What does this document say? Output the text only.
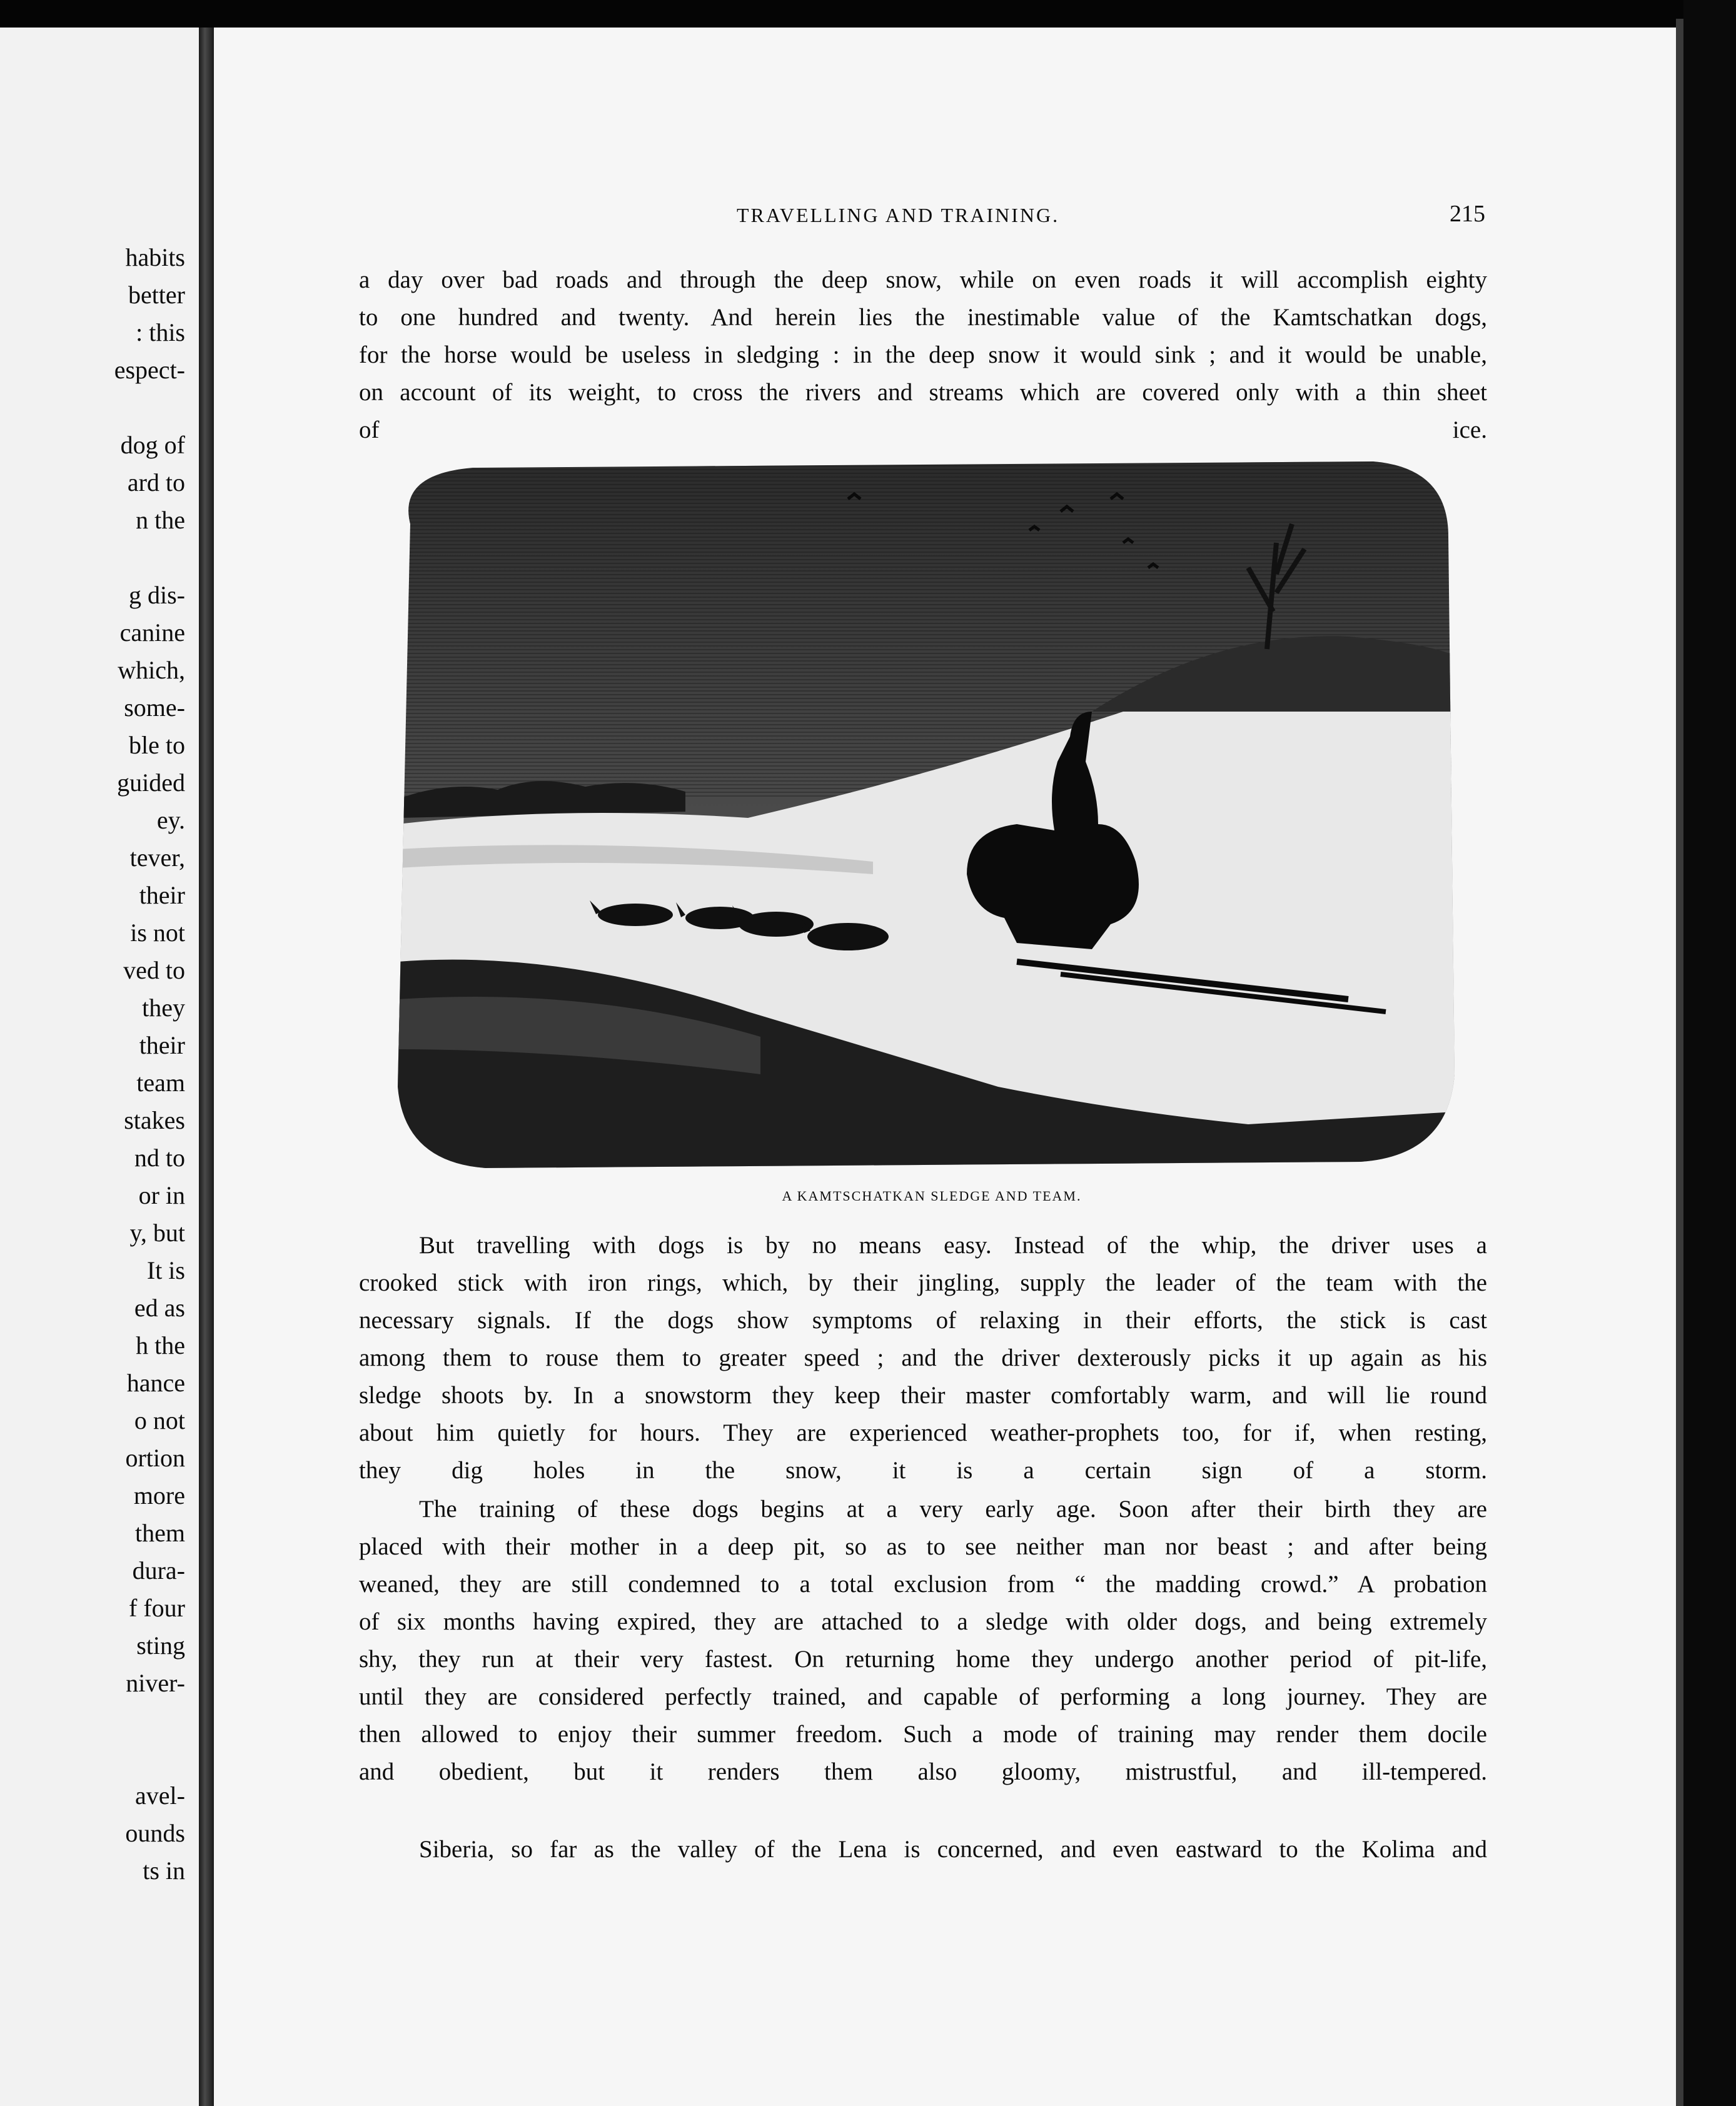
habits
better
: this
espect-
dog of
ard to
n the
g dis-
canine
which,
some-
ble to
guided
ey.
tever,
their
is not
ved to
they
their
team
stakes
nd to
or in
y, but
It is
ed as
h the
hance
o not
ortion
more
them
dura-
f four
sting
niver-
avel-
ounds
ts in
TRAVELLING AND TRAINING.	215
a day over bad roads and through the deep snow, while on even roads it will accomplish eighty
to one hundred and twenty. And herein lies the inestimable value of the Kamtschatkan dogs,
for the horse would be useless in sledging : in the deep snow it would sink ; and it would be unable,
on account of its weight, to cross the rivers and streams which are covered only with a thin sheet
of ice.
A KAMTSCHATKAN SLEDGE AND TEAM.
But travelling with dogs is by no means easy. Instead of the whip, the driver uses a
crooked stick with iron rings, which, by their jingling, supply the leader of the team with the
necessary signals. If the dogs show symptoms of relaxing in their efforts, the stick is cast
among them to rouse them to greater speed ; and the driver dexterously picks it up again as his
sledge shoots by. In a snowstorm they keep their master comfortably warm, and will lie round
about him quietly for hours. They are experienced weather-prophets too, for if, when resting,
they dig holes in the snow, it is a certain sign of a storm.
The training of these dogs begins at a very early age. Soon after their birth they are
placed with their mother in a deep pit, so as to see neither man nor beast ; and after being
weaned, they are still condemned to a total exclusion from “ the madding crowd.” A probation
of six months having expired, they are attached to a sledge with older dogs, and being extremely
shy, they run at their very fastest. On returning home they undergo another period of pit-life,
until they are considered perfectly trained, and capable of performing a long journey. They are
then allowed to enjoy their summer freedom. Such a mode of training may render them docile
and obedient, but it renders them also gloomy, mistrustful, and ill-tempered.
Siberia, so far as the valley of the Lena is concerned, and even eastward to the Kolima and
